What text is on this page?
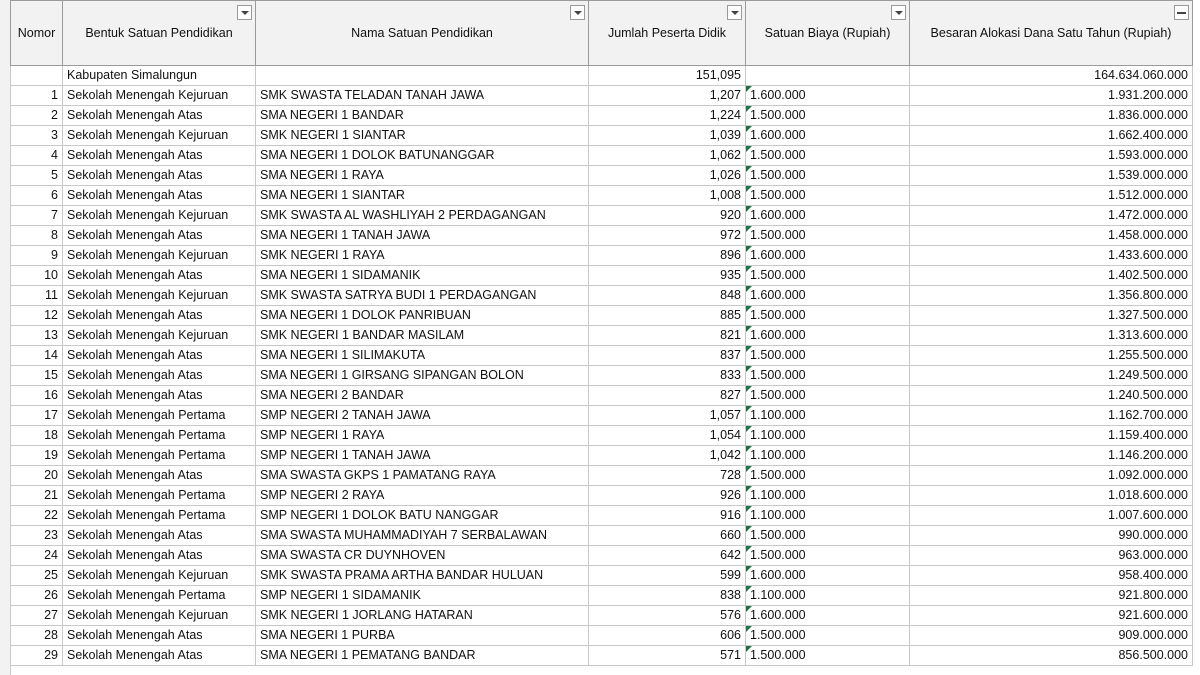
Nomor	Bentuk Satuan Pendidikan	Nama Satuan Pendidikan	Jumlah Peserta Didik	Satuan Biaya (Rupiah)	Besaran Alokasi Dana Satu Tahun (Rupiah)

	Kabupaten Simalungun		151,095		164.634.060.000
1	Sekolah Menengah Kejuruan	SMK SWASTA TELADAN TANAH JAWA	1,207	1.600.000	1.931.200.000
2	Sekolah Menengah Atas	SMA NEGERI 1 BANDAR	1,224	1.500.000	1.836.000.000
3	Sekolah Menengah Kejuruan	SMK NEGERI 1 SIANTAR	1,039	1.600.000	1.662.400.000
4	Sekolah Menengah Atas	SMA NEGERI 1 DOLOK BATUNANGGAR	1,062	1.500.000	1.593.000.000
5	Sekolah Menengah Atas	SMA NEGERI 1 RAYA	1,026	1.500.000	1.539.000.000
6	Sekolah Menengah Atas	SMA NEGERI 1 SIANTAR	1,008	1.500.000	1.512.000.000
7	Sekolah Menengah Kejuruan	SMK SWASTA AL WASHLIYAH 2 PERDAGANGAN	920	1.600.000	1.472.000.000
8	Sekolah Menengah Atas	SMA NEGERI 1 TANAH JAWA	972	1.500.000	1.458.000.000
9	Sekolah Menengah Kejuruan	SMK NEGERI 1 RAYA	896	1.600.000	1.433.600.000
10	Sekolah Menengah Atas	SMA NEGERI 1 SIDAMANIK	935	1.500.000	1.402.500.000
11	Sekolah Menengah Kejuruan	SMK SWASTA SATRYA BUDI 1 PERDAGANGAN	848	1.600.000	1.356.800.000
12	Sekolah Menengah Atas	SMA NEGERI 1 DOLOK PANRIBUAN	885	1.500.000	1.327.500.000
13	Sekolah Menengah Kejuruan	SMK NEGERI 1 BANDAR MASILAM	821	1.600.000	1.313.600.000
14	Sekolah Menengah Atas	SMA NEGERI 1 SILIMAKUTA	837	1.500.000	1.255.500.000
15	Sekolah Menengah Atas	SMA NEGERI 1 GIRSANG SIPANGAN BOLON	833	1.500.000	1.249.500.000
16	Sekolah Menengah Atas	SMA NEGERI 2 BANDAR	827	1.500.000	1.240.500.000
17	Sekolah Menengah Pertama	SMP NEGERI 2 TANAH JAWA	1,057	1.100.000	1.162.700.000
18	Sekolah Menengah Pertama	SMP NEGERI 1 RAYA	1,054	1.100.000	1.159.400.000
19	Sekolah Menengah Pertama	SMP NEGERI 1 TANAH JAWA	1,042	1.100.000	1.146.200.000
20	Sekolah Menengah Atas	SMA SWASTA GKPS 1 PAMATANG RAYA	728	1.500.000	1.092.000.000
21	Sekolah Menengah Pertama	SMP NEGERI 2 RAYA	926	1.100.000	1.018.600.000
22	Sekolah Menengah Pertama	SMP NEGERI 1 DOLOK BATU NANGGAR	916	1.100.000	1.007.600.000
23	Sekolah Menengah Atas	SMA SWASTA MUHAMMADIYAH 7 SERBALAWAN	660	1.500.000	990.000.000
24	Sekolah Menengah Atas	SMA SWASTA CR DUYNHOVEN	642	1.500.000	963.000.000
25	Sekolah Menengah Kejuruan	SMK SWASTA PRAMA ARTHA BANDAR HULUAN	599	1.600.000	958.400.000
26	Sekolah Menengah Pertama	SMP NEGERI 1 SIDAMANIK	838	1.100.000	921.800.000
27	Sekolah Menengah Kejuruan	SMK NEGERI 1 JORLANG HATARAN	576	1.600.000	921.600.000
28	Sekolah Menengah Atas	SMA NEGERI 1 PURBA	606	1.500.000	909.000.000
29	Sekolah Menengah Atas	SMA NEGERI 1 PEMATANG BANDAR	571	1.500.000	856.500.000
